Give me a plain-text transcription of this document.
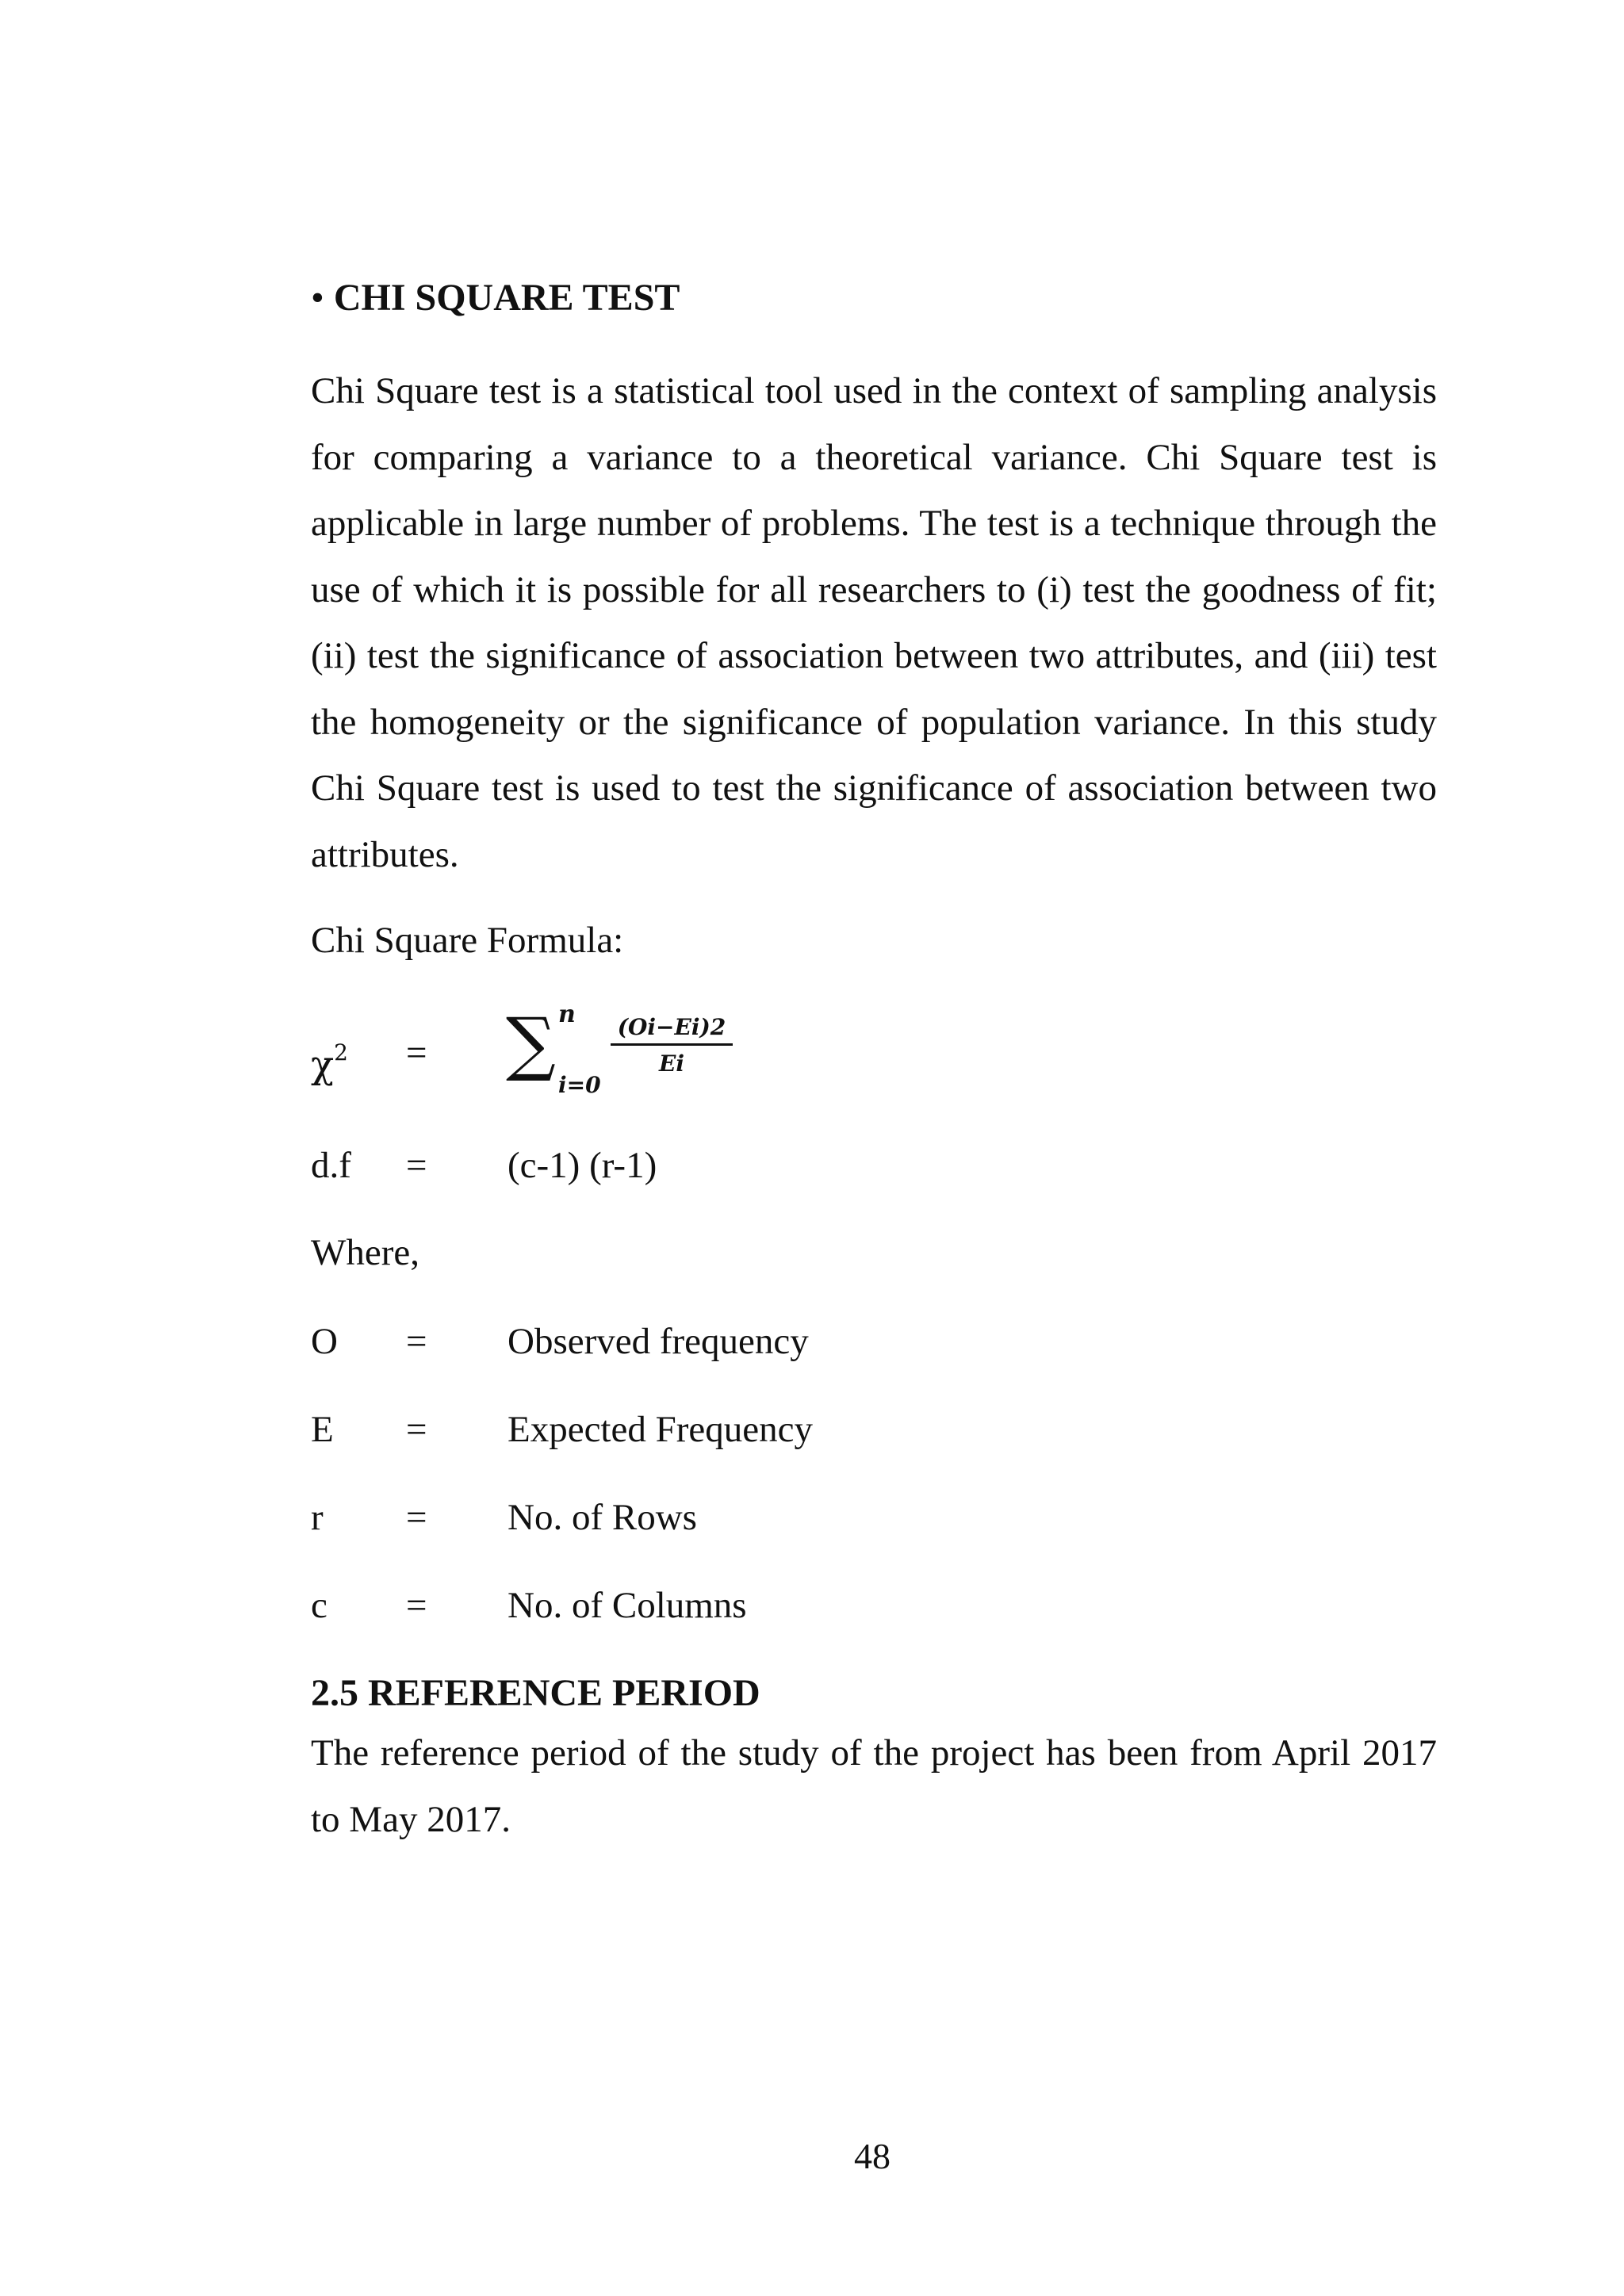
• CHI SQUARE TEST
Chi Square test is a statistical tool used in the context of sampling analysis for comparing a variance to a theoretical variance. Chi Square test is applicable in large number of problems. The test is a technique through the use of which it is possible for all researchers to (i) test the goodness of fit; (ii) test the significance of association between two attributes, and (iii) test the homogeneity or the significance of population variance. In this study Chi Square test is used to test the significance of association between two attributes.
Chi Square Formula:
$\chi^2$ = ∑ n
i=0
(Oi−Ei)2
Ei
d.f = (c-1) (r-1)
Where,
O = Observed frequency
E = Expected Frequency
r = No. of Rows
c = No. of Columns
2.5 REFERENCE PERIOD
The reference period of the study of the project has been from April 2017 to May 2017.
48
